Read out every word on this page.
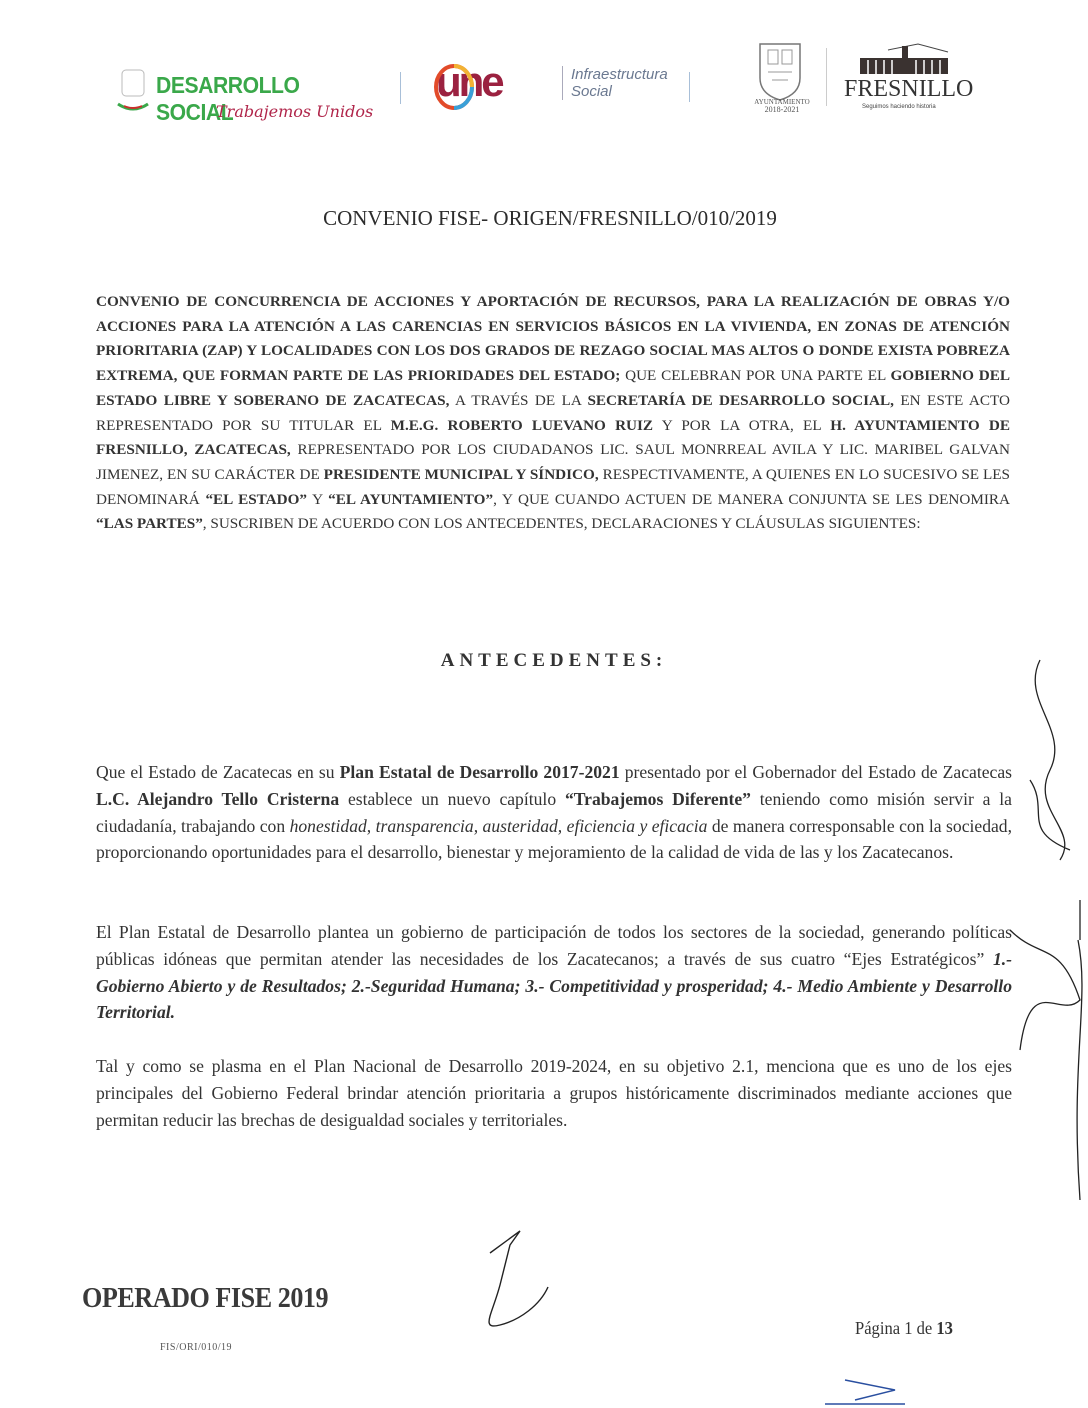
DESARROLLO SOCIAL
Trabajemos Unidos
une	Infraestructura
Social
AYUNTAMIENTO
2018-2021
FRESNILLO
Seguimos haciendo historia
CONVENIO FISE- ORIGEN/FRESNILLO/010/2019
CONVENIO DE CONCURRENCIA DE ACCIONES Y APORTACIÓN DE RECURSOS, PARA LA REALIZACIÓN DE OBRAS Y/O ACCIONES PARA LA ATENCIÓN A LAS CARENCIAS EN SERVICIOS BÁSICOS EN LA VIVIENDA, EN ZONAS DE ATENCIÓN PRIORITARIA (ZAP) Y LOCALIDADES CON LOS DOS GRADOS DE REZAGO SOCIAL MAS ALTOS O DONDE EXISTA POBREZA EXTREMA, QUE FORMAN PARTE DE LAS PRIORIDADES DEL ESTADO; QUE CELEBRAN POR UNA PARTE EL GOBIERNO DEL ESTADO LIBRE Y SOBERANO DE ZACATECAS, A TRAVÉS DE LA SECRETARÍA DE DESARROLLO SOCIAL, EN ESTE ACTO REPRESENTADO POR SU TITULAR EL M.E.G. ROBERTO LUEVANO RUIZ Y POR LA OTRA, EL H. AYUNTAMIENTO DE FRESNILLO, ZACATECAS, REPRESENTADO POR LOS CIUDADANOS LIC. SAUL MONRREAL AVILA Y LIC. MARIBEL GALVAN JIMENEZ, EN SU CARÁCTER DE PRESIDENTE MUNICIPAL Y SÍNDICO, RESPECTIVAMENTE, A QUIENES EN LO SUCESIVO SE LES DENOMINARÁ “EL ESTADO” Y “EL AYUNTAMIENTO”, Y QUE CUANDO ACTUEN DE MANERA CONJUNTA SE LES DENOMIRA “LAS PARTES”, SUSCRIBEN DE ACUERDO CON LOS ANTECEDENTES, DECLARACIONES Y CLÁUSULAS SIGUIENTES:
ANTECEDENTES:
Que el Estado de Zacatecas en su Plan Estatal de Desarrollo 2017-2021 presentado por el Gobernador del Estado de Zacatecas L.C. Alejandro Tello Cristerna establece un nuevo capítulo “Trabajemos Diferente” teniendo como misión servir a la ciudadanía, trabajando con honestidad, transparencia, austeridad, eficiencia y eficacia de manera corresponsable con la sociedad, proporcionando oportunidades para el desarrollo, bienestar y mejoramiento de la calidad de vida de las y los Zacatecanos.
El Plan Estatal de Desarrollo plantea un gobierno de participación de todos los sectores de la sociedad, generando políticas públicas idóneas que permitan atender las necesidades de los Zacatecanos; a través de sus cuatro “Ejes Estratégicos” 1.- Gobierno Abierto y de Resultados; 2.-Seguridad Humana; 3.- Competitividad y prosperidad; 4.- Medio Ambiente y Desarrollo Territorial.
Tal y como se plasma en el Plan Nacional de Desarrollo 2019-2024, en su objetivo 2.1, menciona que es uno de los ejes principales del Gobierno Federal brindar atención prioritaria a grupos históricamente discriminados mediante acciones que permitan reducir las brechas de desigualdad sociales y territoriales.
OPERADO FISE 2019
FIS/ORI/010/19
Página 1 de 13
